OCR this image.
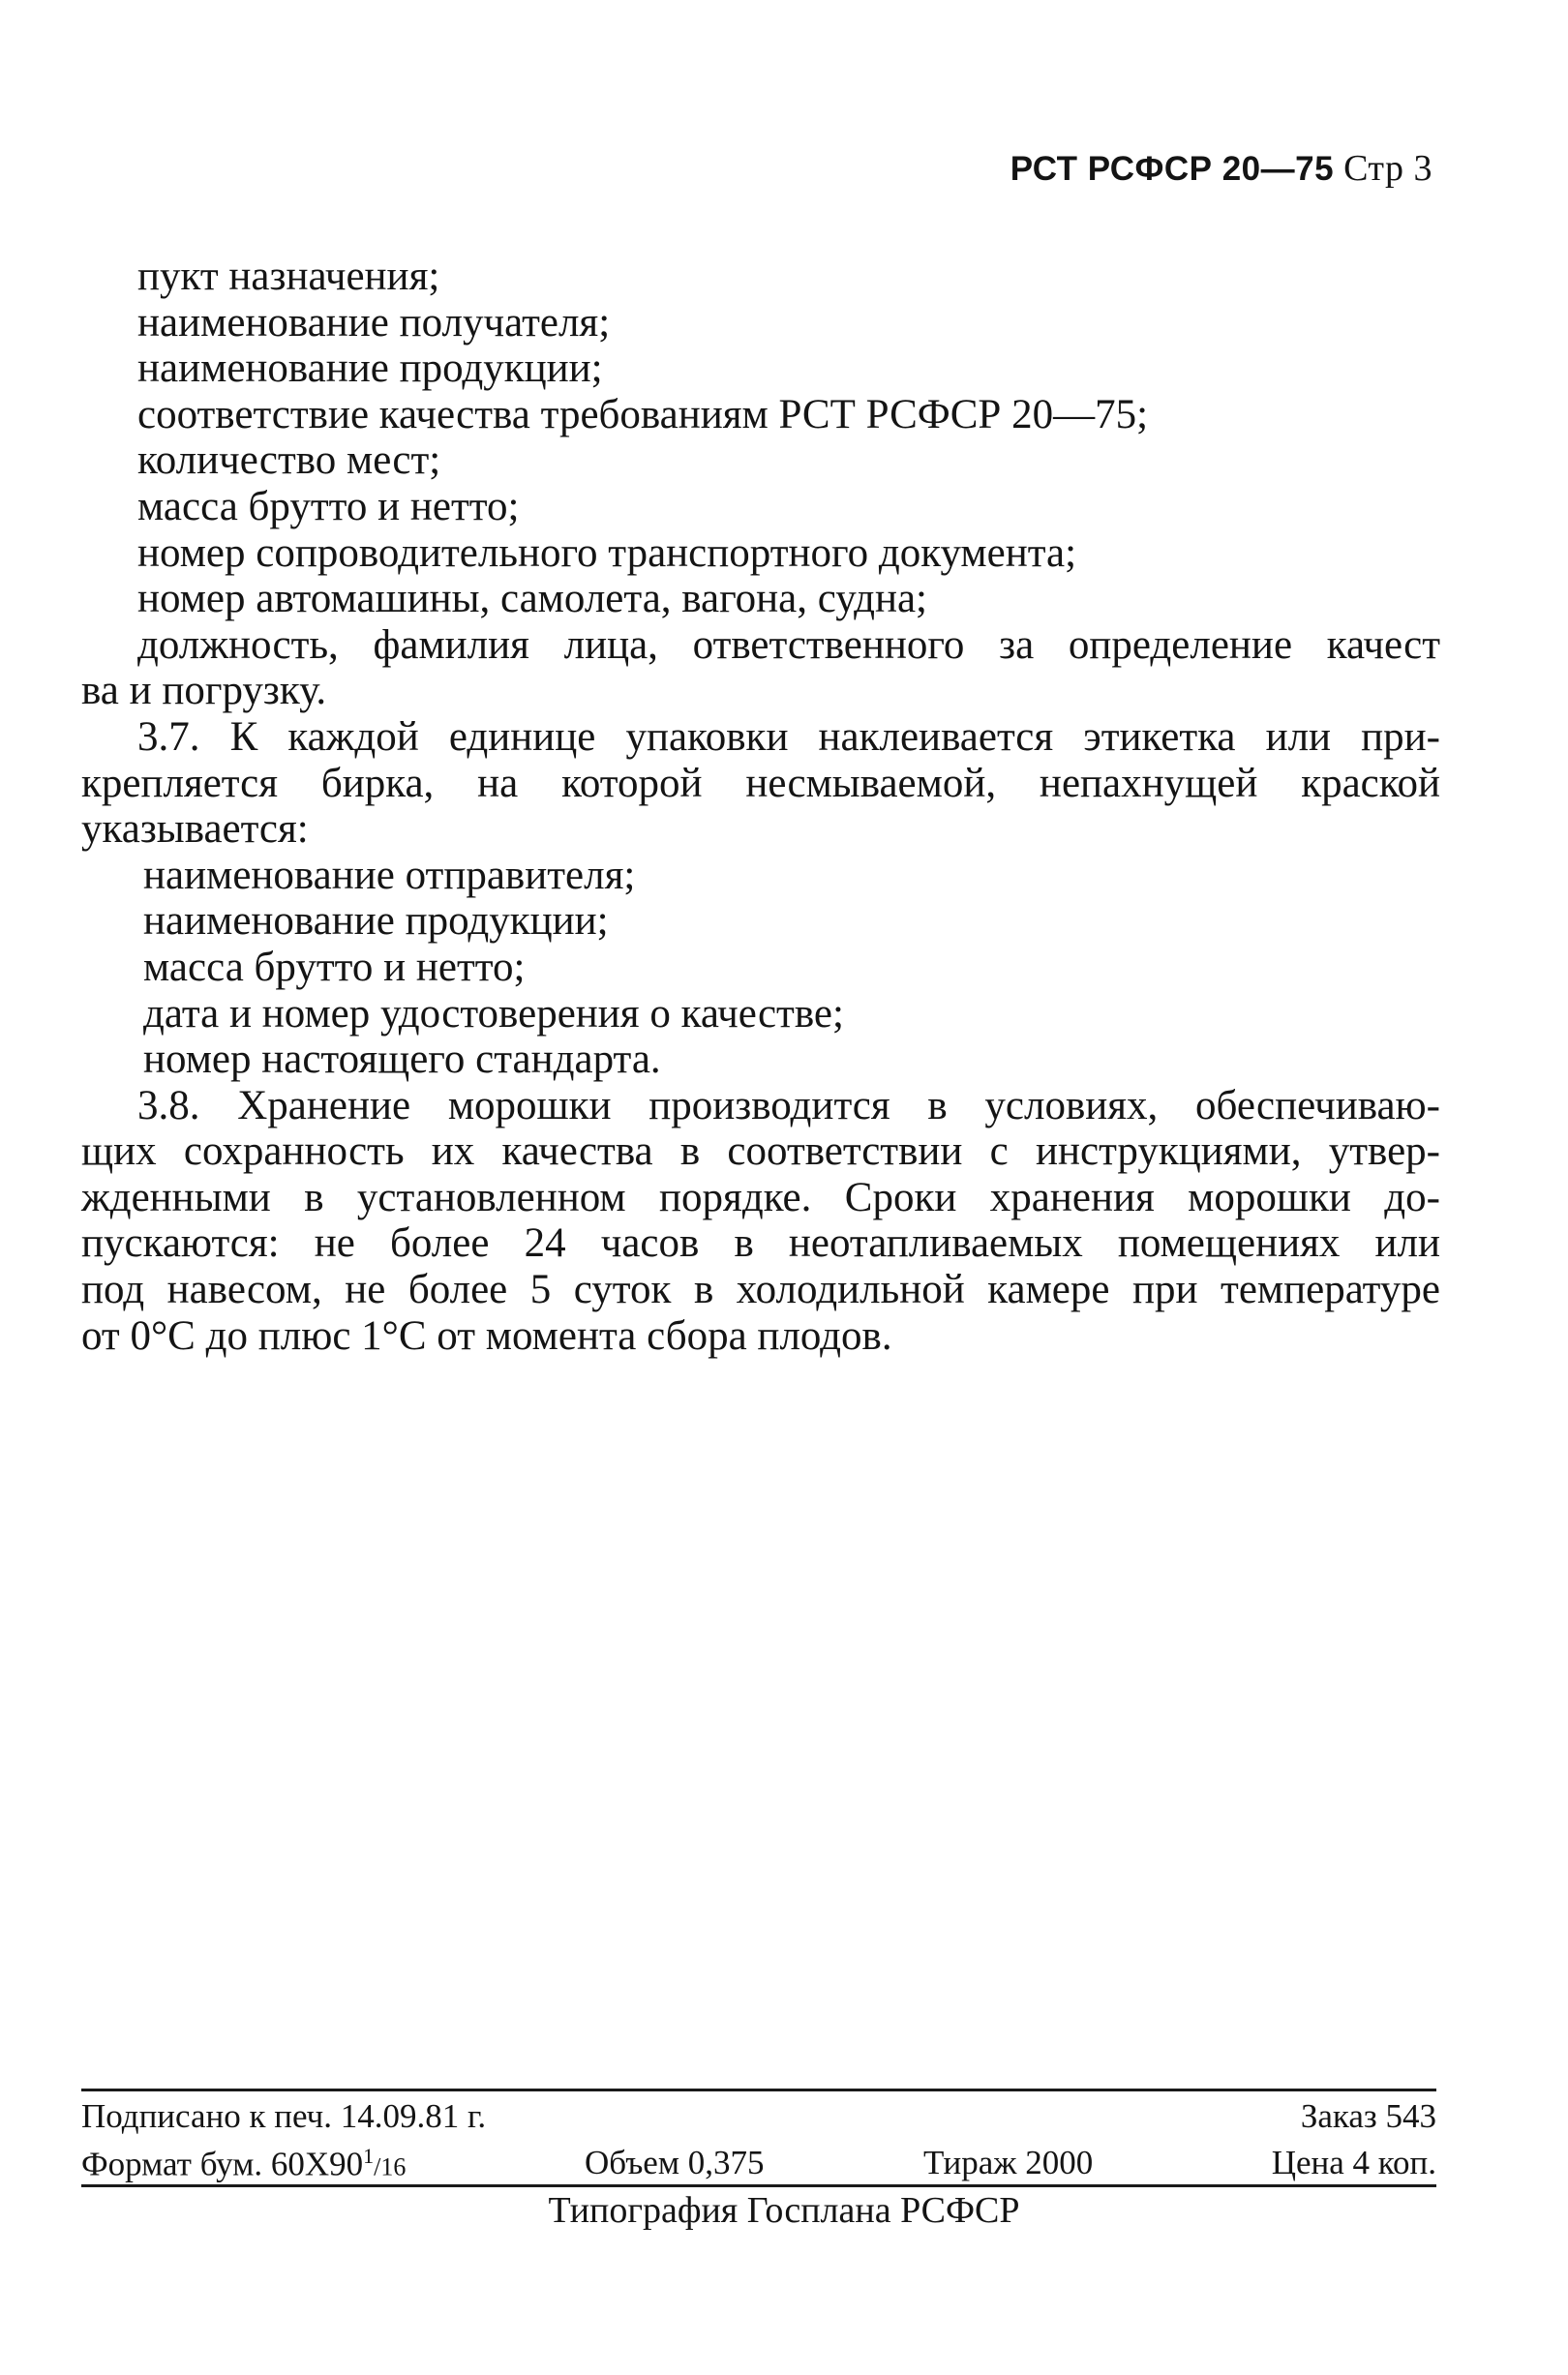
РСТ РСФСР 20—75 Стр 3
пукт назначения;
наименование получателя;
наименование продукции;
соответствие качества требованиям РСТ РСФСР 20—75;
количество мест;
масса брутто и нетто;
номер сопроводительного транспортного документа;
номер автомашины, самолета, вагона, судна;
должность, фамилия лица, ответственного за определение качест
ва и погрузку.
3.7. К каждой единице упаковки наклеивается этикетка или при-
крепляется бирка, на которой несмываемой, непахнущей краской
указывается:
наименование отправителя;
наименование продукции;
масса брутто и нетто;
дата и номер удостоверения о качестве;
номер настоящего стандарта.
3.8. Хранение морошки производится в условиях, обеспечиваю-
щих сохранность их качества в соответствии с инструкциями, утвер-
жденными в установленном порядке. Сроки хранения морошки до-
пускаются: не более 24 часов в неотапливаемых помещениях или
под навесом, не более 5 суток в холодильной камере при температуре
от 0°С до плюс 1°С от момента сбора плодов.
Подписано к печ. 14.09.81 г.	Заказ 543
Формат бум. $60Х90^1/16$	Объем 0,375	Тираж 2000	Цена 4 коп.
Типография Госплана РСФСР
